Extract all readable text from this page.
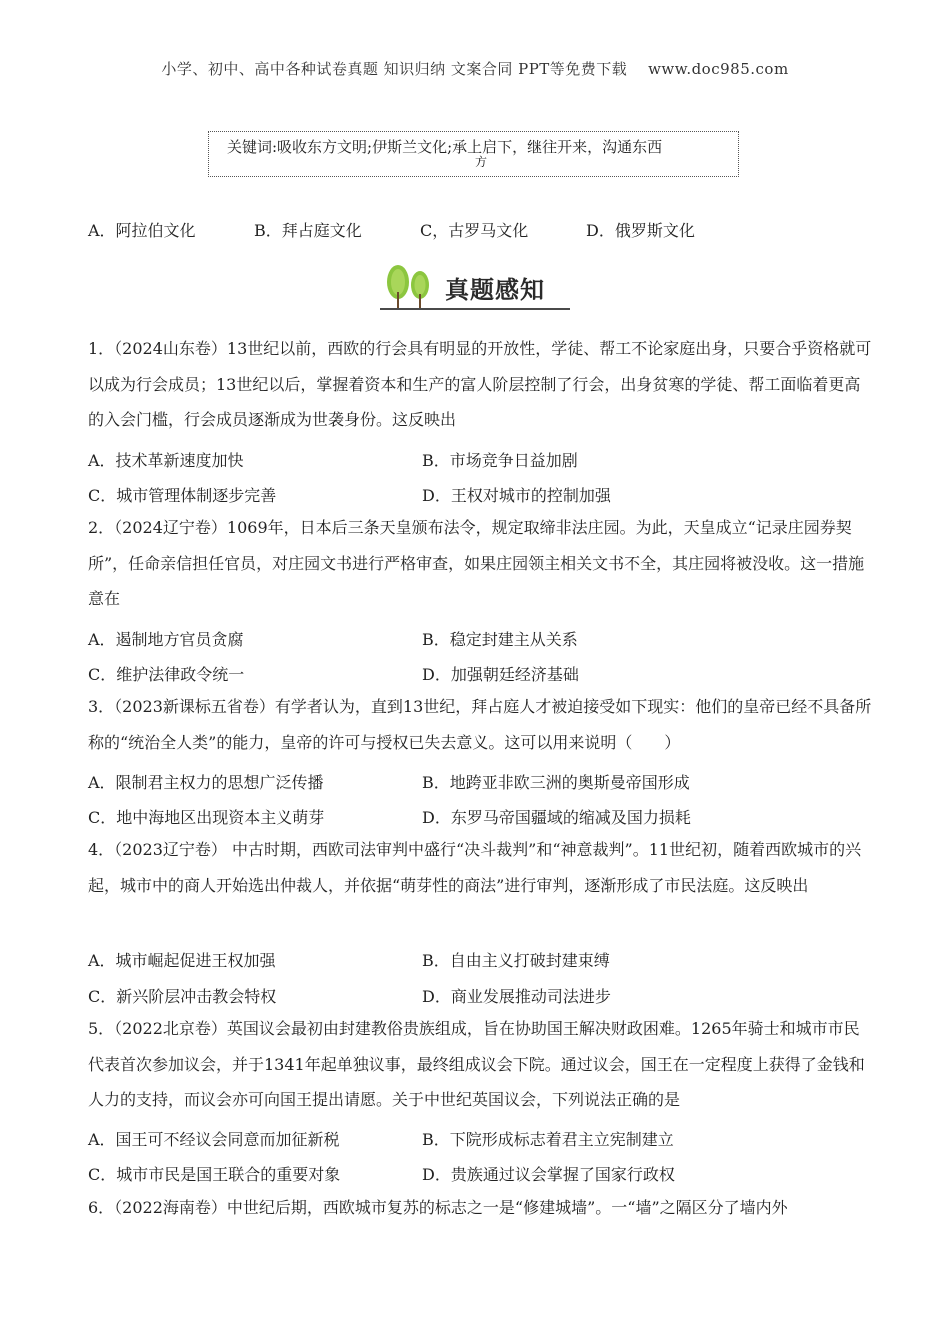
小学、初中、高中各种试卷真题 知识归纳 文案合同 PPT等免费下载　 www.doc985.com
关键词:吸收东方文明;伊斯兰文化;承上启下，继往开来，沟通东西
方
A．阿拉伯文化	B．拜占庭文化	C，古罗马文化	D．俄罗斯文化
真题感知

1．（2024山东卷）13世纪以前，西欧的行会具有明显的开放性，学徒、帮工不论家庭出身，只要合乎资格就可以成为行会成员；13世纪以后，掌握着资本和生产的富人阶层控制了行会，出身贫寒的学徒、帮工面临着更高的入会门槛，行会成员逐渐成为世袭身份。这反映出

A．技术革新速度加快	B．市场竞争日益加剧
C．城市管理体制逐步完善	D．王权对城市的控制加强

2．（2024辽宁卷）1069年，日本后三条天皇颁布法令，规定取缔非法庄园。为此，天皇成立“记录庄园券契所”，任命亲信担任官员，对庄园文书进行严格审查，如果庄园领主相关文书不全，其庄园将被没收。这一措施意在

A．遏制地方官员贪腐	B．稳定封建主从关系
C．维护法律政令统一	D．加强朝廷经济基础

3．（2023新课标五省卷）有学者认为，直到13世纪，拜占庭人才被迫接受如下现实：他们的皇帝已经不具备所称的“统治全人类”的能力，皇帝的许可与授权已失去意义。这可以用来说明（　　）

A．限制君主权力的思想广泛传播	B．地跨亚非欧三洲的奥斯曼帝国形成
C．地中海地区出现资本主义萌芽	D．东罗马帝国疆域的缩减及国力损耗

4．（2023辽宁卷） 中古时期，西欧司法审判中盛行“决斗裁判”和“神意裁判”。11世纪初，随着西欧城市的兴起，城市中的商人开始选出仲裁人，并依据“萌芽性的商法”进行审判，逐渐形成了市民法庭。这反映出

A．城市崛起促进王权加强	B．自由主义打破封建束缚
C．新兴阶层冲击教会特权	D．商业发展推动司法进步

5．（2022北京卷）英国议会最初由封建教俗贵族组成，旨在协助国王解决财政困难。1265年骑士和城市市民代表首次参加议会，并于1341年起单独议事，最终组成议会下院。通过议会，国王在一定程度上获得了金钱和人力的支持，而议会亦可向国王提出请愿。关于中世纪英国议会，下列说法正确的是

A．国王可不经议会同意而加征新税	B．下院形成标志着君主立宪制建立
C．城市市民是国王联合的重要对象	D．贵族通过议会掌握了国家行政权

6．（2022海南卷）中世纪后期，西欧城市复苏的标志之一是“修建城墙”。一“墙”之隔区分了墙内外
